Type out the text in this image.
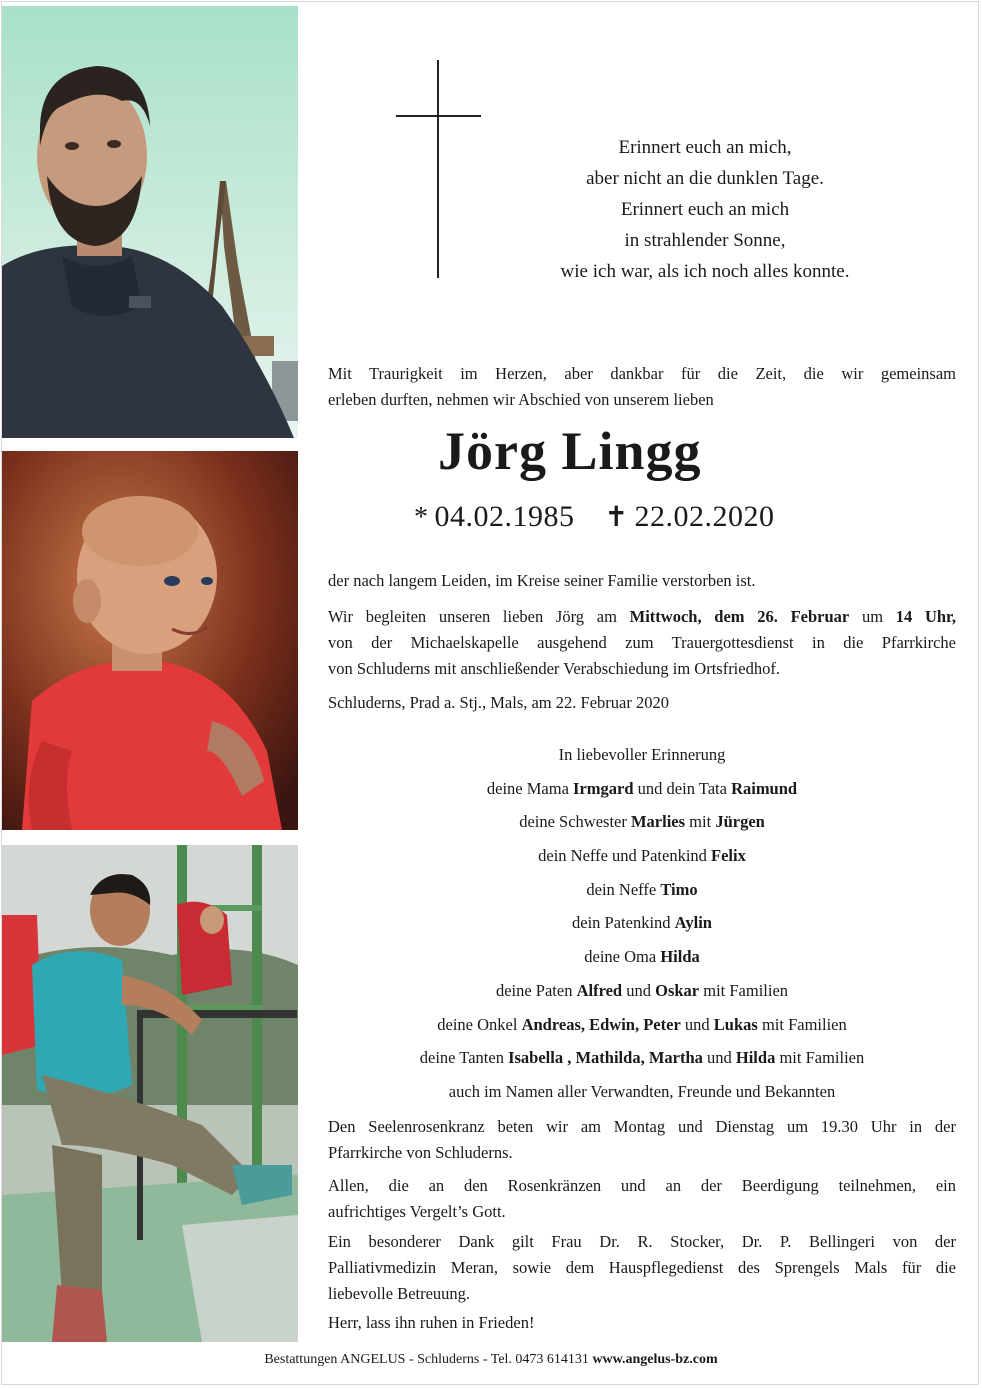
Erinnert euch an mich,
aber nicht an die dunklen Tage.
Erinnert euch an mich
in strahlender Sonne,
wie ich war, als ich noch alles konnte.
Mit Traurigkeit im Herzen, aber dankbar für die Zeit, die wir gemeinsam
erleben durften, nehmen wir Abschied von unserem lieben
Jörg Lingg
* 04.02.1985 ✝ 22.02.2020
der nach langem Leiden, im Kreise seiner Familie verstorben ist.
Wir begleiten unseren lieben Jörg am Mittwoch, dem 26. Februar um 14 Uhr,
von der Michaelskapelle ausgehend zum Trauergottesdienst in die Pfarrkirche
von Schluderns mit anschließender Verabschiedung im Ortsfriedhof.
Schluderns, Prad a. Stj., Mals, am 22. Februar 2020
In liebevoller Erinnerung
deine Mama Irmgard und dein Tata Raimund
deine Schwester Marlies mit Jürgen
dein Neffe und Patenkind Felix
dein Neffe Timo
dein Patenkind Aylin
deine Oma Hilda
deine Paten Alfred und Oskar mit Familien
deine Onkel Andreas, Edwin, Peter und Lukas mit Familien
deine Tanten Isabella , Mathilda, Martha und Hilda mit Familien
auch im Namen aller Verwandten, Freunde und Bekannten
Den Seelenrosenkranz beten wir am Montag und Dienstag um 19.30 Uhr in der
Pfarrkirche von Schluderns.
Allen, die an den Rosenkränzen und an der Beerdigung teilnehmen, ein
aufrichtiges Vergelt’s Gott.
Ein besonderer Dank gilt Frau Dr. R. Stocker, Dr. P. Bellingeri von der
Palliativmedizin Meran, sowie dem Hauspflegedienst des Sprengels Mals für die
liebevolle Betreuung.
Herr, lass ihn ruhen in Frieden!
Bestattungen ANGELUS - Schluderns - Tel. 0473 614131 www.angelus-bz.com
